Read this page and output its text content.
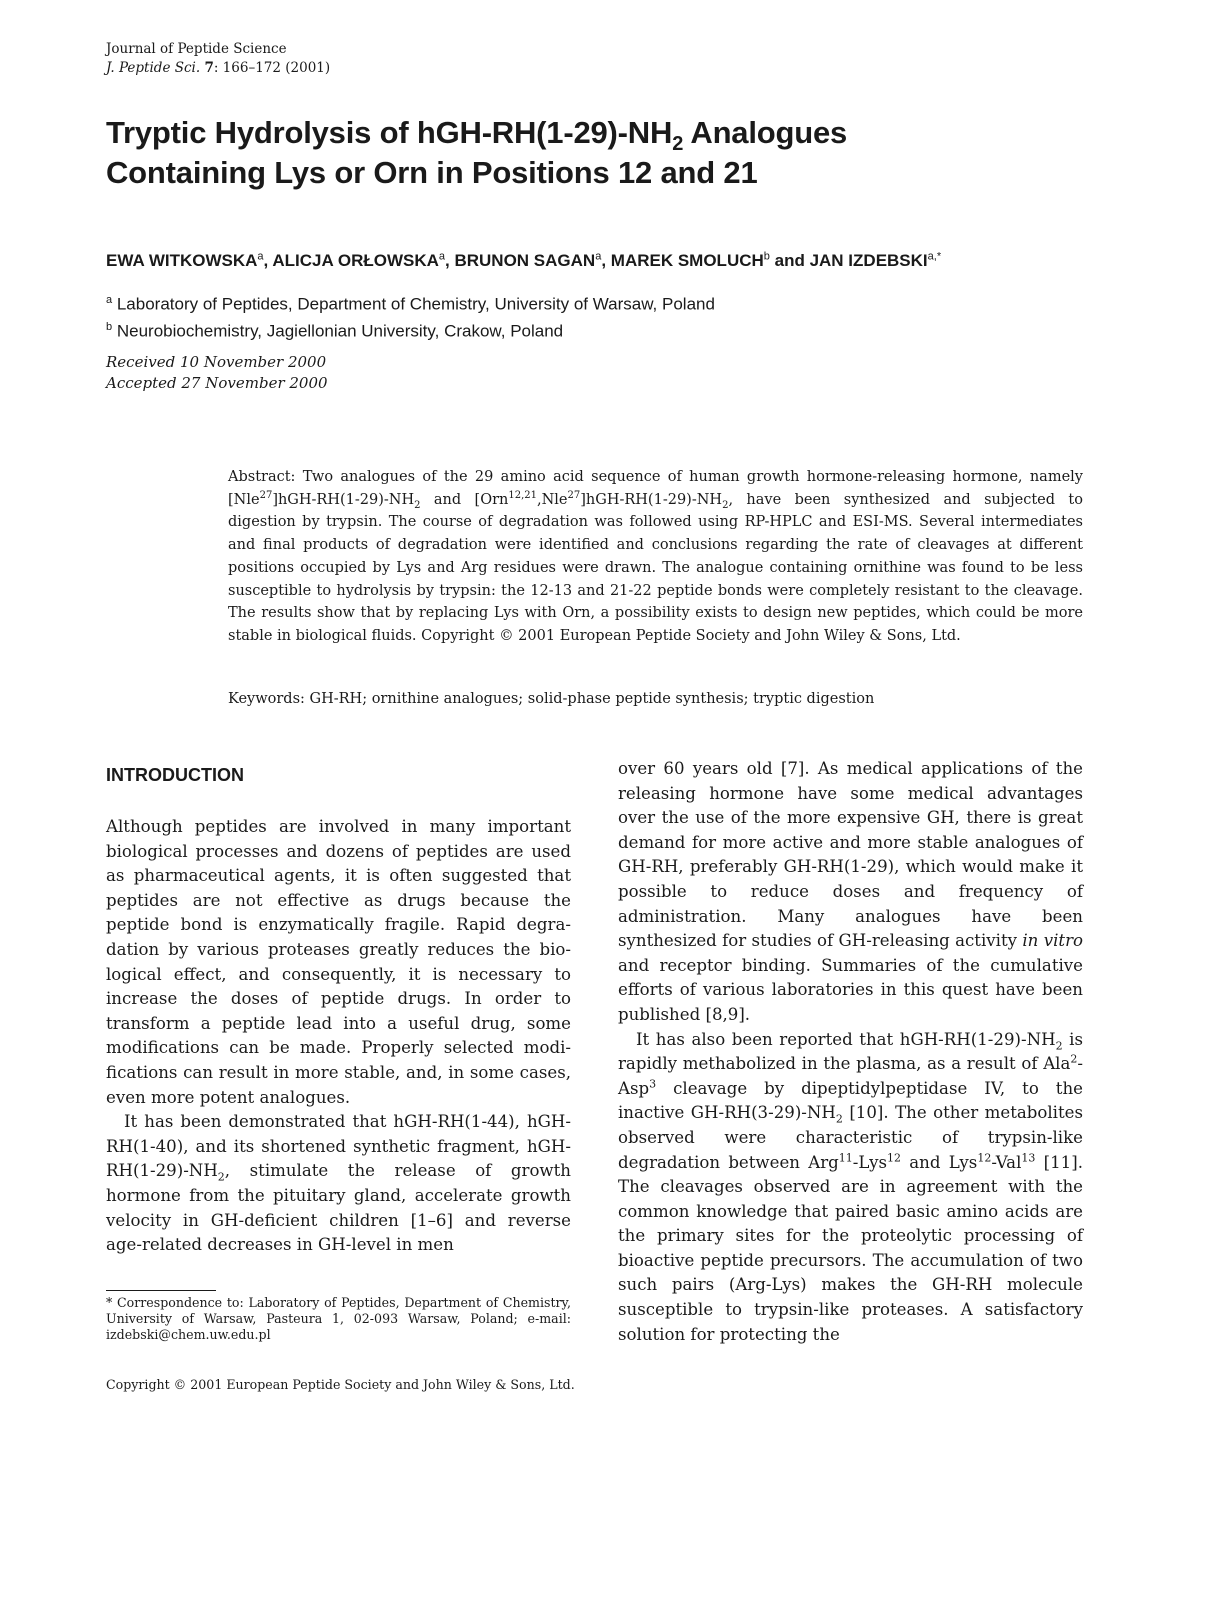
Journal of Peptide Science
J. Peptide Sci. 7: 166–172 (2001)
Tryptic Hydrolysis of hGH-$RH(1-29)-NH_2$ Analogues
Containing Lys or Orn in Positions 12 and 21
EWA WITKOWSKA$^a$, ALICJA ORŁOWSKA$^a$, BRUNON SAGAN$^a$, MAREK SMOLUCH$^b$ and JAN $IZDEBSKI^{a,*}$
$^a$ Laboratory of Peptides, Department of Chemistry, University of Warsaw, Poland
$^b$ Neurobiochemistry, Jagiellonian University, Crakow, Poland
Received 10 November 2000
Accepted 27 November 2000

Abstract: Two analogues of the 29 amino acid sequence of human growth hormone-releasing hormone, namely $[Nle^{27}]hGH-RH(1-29)-NH_2$ and $[Orn^{12,21},Nle^{27}]hGH-RH(1-29)-NH_2$, have been synthesized and subjected to digestion by trypsin. The course of degradation was followed using RP-HPLC and ESI-MS. Several intermediates and final products of degradation were identified and conclusions regarding the rate of cleavages at different positions occupied by Lys and Arg residues were drawn. The analogue containing ornithine was found to be less susceptible to hydrolysis by trypsin: the 12-13 and 21-22 peptide bonds were completely resistant to the cleavage. The results show that by replacing Lys with Orn, a possibility exists to design new peptides, which could be more stable in biological fluids. Copyright © 2001 European Peptide Society and John Wiley & Sons, Ltd.

Keywords: GH-RH; ornithine analogues; solid-phase peptide synthesis; tryptic digestion
INTRODUCTION

Although peptides are involved in many important biological processes and dozens of peptides are used as pharmaceutical agents, it is often suggested that peptides are not effective as drugs because the peptide bond is enzymatically fragile. Rapid degradation by various proteases greatly reduces the biological effect, and consequently, it is necessary to increase the doses of peptide drugs. In order to transform a peptide lead into a useful drug, some modifications can be made. Properly selected modifications can result in more stable, and, in some cases, even more potent analogues.

It has been demonstrated that hGH-RH(1-44), hGH-RH(1-40), and its shortened synthetic fragment, hGH-$RH(1-29)-NH_2$, stimulate the release of growth hormone from the pituitary gland, accelerate growth velocity in GH-deficient children [1–6] and reverse age-related decreases in GH-level in men

over 60 years old [7]. As medical applications of the releasing hormone have some medical advantages over the use of the more expensive GH, there is great demand for more active and more stable analogues of GH-RH, preferably GH-RH(1-29), which would make it possible to reduce doses and frequency of administration. Many analogues have been synthesized for studies of GH-releasing activity in vitro and receptor binding. Summaries of the cumulative efforts of various laboratories in this quest have been published [8,9].

It has also been reported that hGH-$RH(1-29)-NH_2$ is rapidly methabolized in the plasma, as a result of Ala$^2$-Asp$^3$ cleavage by dipeptidylpeptidase IV, to the inactive $GH-RH(3-29)-NH_2$ [10]. The other metabolites observed were characteristic of trypsin-like degradation between Arg$^{11}$-Lys$^{12}$ and Lys$^{12}$-Val$^{13}$ [11]. The cleavages observed are in agreement with the common knowledge that paired basic amino acids are the primary sites for the proteolytic processing of bioactive peptide precursors. The accumulation of two such pairs (Arg-Lys) makes the GH-RH molecule susceptible to trypsin-like proteases. A satisfactory solution for protecting the

* Correspondence to: Laboratory of Peptides, Department of Chemistry, University of Warsaw, Pasteura 1, 02-093 Warsaw, Poland; e-mail: izdebski@chem.uw.edu.pl
Copyright © 2001 European Peptide Society and John Wiley & Sons, Ltd.
